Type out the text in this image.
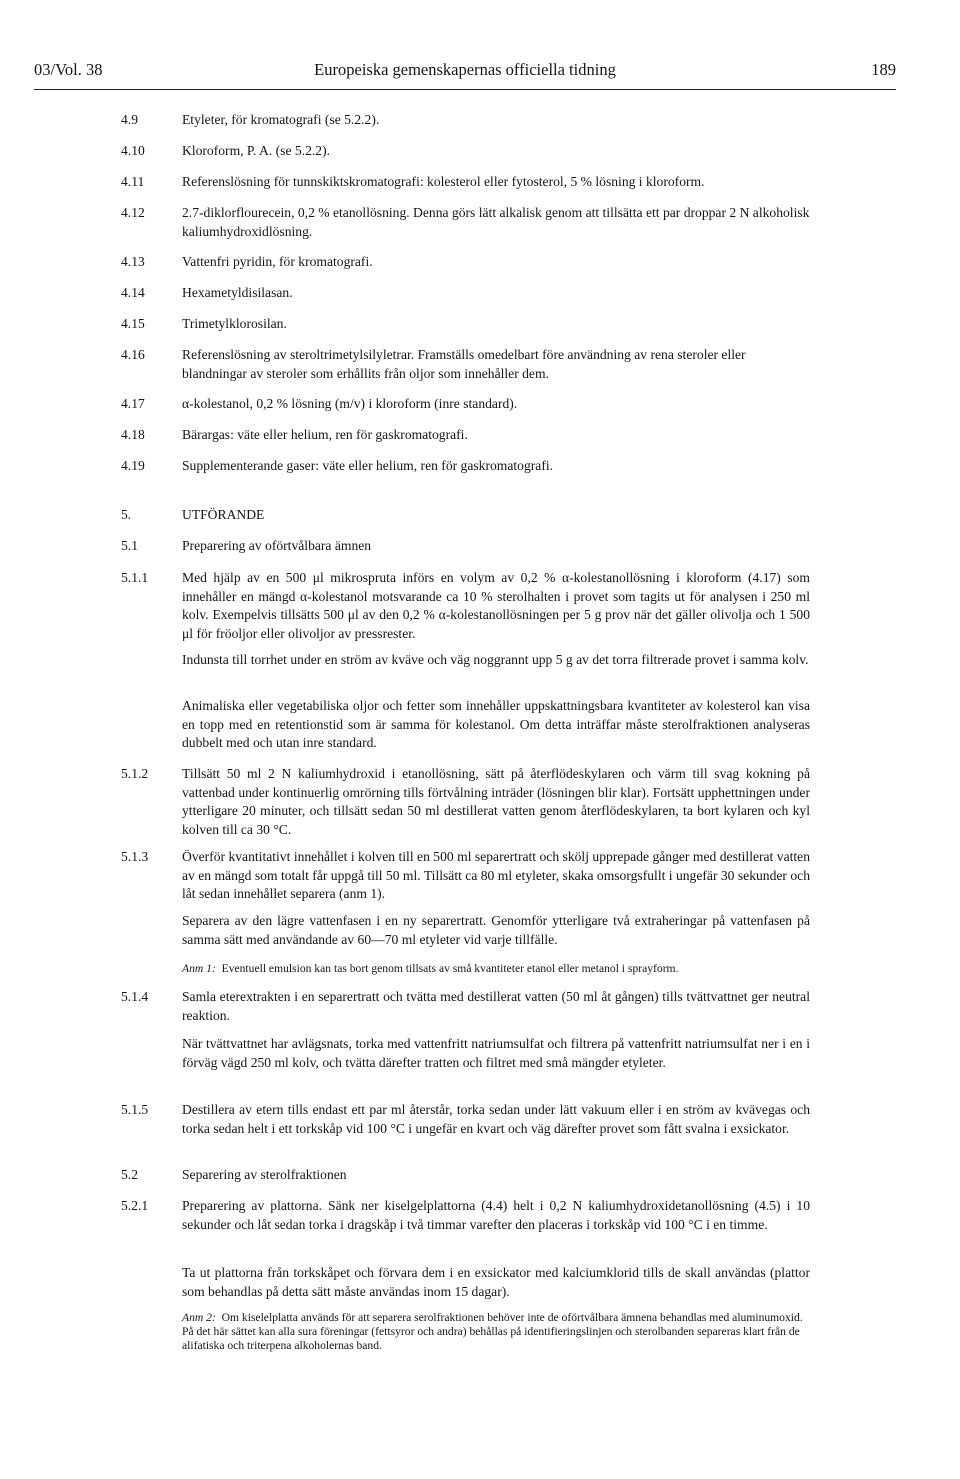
Europeiska gemenskapernas officiella tidning
03/Vol. 38	189
4.9	Etyleter, för kromatografi (se 5.2.2).
4.10	Kloroform, P. A. (se 5.2.2).
4.11	Referenslösning för tunnskiktskromatografi: kolesterol eller fytosterol, 5 % lösning i kloroform.
4.12	2.7-diklorflourecein, 0,2 % etanollösning. Denna görs lätt alkalisk genom att tillsätta ett par droppar 2 N alkoholisk kaliumhydroxidlösning.
4.13	Vattenfri pyridin, för kromatografi.
4.14	Hexametyldisilasan.
4.15	Trimetylklorosilan.
4.16	Referenslösning av steroltrimetylsilyletrar. Framställs omedelbart före användning av rena steroler eller blandningar av steroler som erhållits från oljor som innehåller dem.
4.17	α-kolestanol, 0,2 % lösning (m/v) i kloroform (inre standard).
4.18	Bärargas: väte eller helium, ren för gaskromatografi.
4.19	Supplementerande gaser: väte eller helium, ren för gaskromatografi.
5.	UTFÖRANDE
5.1	Preparering av oförtvålbara ämnen
5.1.1 Med hjälp av en 500 μl mikrospruta införs en volym av 0,2 % α-kolestanollösning i kloroform (4.17) som innehåller en mängd α-kolestanol motsvarande ca 10 % sterolhalten i provet som tagits ut för analysen i 250 ml kolv. Exempelvis tillsätts 500 μl av den 0,2 % α-kolestanollösningen per 5 g prov när det gäller olivolja och 1 500 μl för fröoljor eller olivoljor av pressrester.
Indunsta till torrhet under en ström av kväve och väg noggrannt upp 5 g av det torra filtrerade provet i samma kolv.
Animaliska eller vegetabiliska oljor och fetter som innehåller uppskattningsbara kvantiteter av kolesterol kan visa en topp med en retentionstid som är samma för kolestanol. Om detta inträffar måste sterolfraktionen analyseras dubbelt med och utan inre standard.
5.1.2 Tillsätt 50 ml 2 N kaliumhydroxid i etanollösning, sätt på återflödeskylaren och värm till svag kokning på vattenbad under kontinuerlig omrörning tills förtvålning inträder (lösningen blir klar). Fortsätt upphettningen under ytterligare 20 minuter, och tillsätt sedan 50 ml destillerat vatten genom återflödeskylaren, ta bort kylaren och kyl kolven till ca 30 °C.
5.1.3 Överför kvantitativt innehållet i kolven till en 500 ml separertratt och skölj upprepade gånger med destillerat vatten av en mängd som totalt får uppgå till 50 ml. Tillsätt ca 80 ml etyleter, skaka omsorgsfullt i ungefär 30 sekunder och låt sedan innehållet separera (anm 1).
Separera av den lägre vattenfasen i en ny separertratt. Genomför ytterligare två extraheringar på vattenfasen på samma sätt med användande av 60—70 ml etyleter vid varje tillfälle.
Anm 1: Eventuell emulsion kan tas bort genom tillsats av små kvantiteter etanol eller metanol i sprayform.
5.1.4 Samla eterextrakten i en separertratt och tvätta med destillerat vatten (50 ml åt gången) tills tvättvattnet ger neutral reaktion.
När tvättvattnet har avlägsnats, torka med vattenfritt natriumsulfat och filtrera på vattenfritt natriumsulfat ner i en i förväg vägd 250 ml kolv, och tvätta därefter tratten och filtret med små mängder etyleter.
5.1.5 Destillera av etern tills endast ett par ml återstår, torka sedan under lätt vakuum eller i en ström av kvävegas och torka sedan helt i ett torkskåp vid 100 °C i ungefär en kvart och väg därefter provet som fått svalna i exsickator.
5.2	Separering av sterolfraktionen
5.2.1 Preparering av plattorna. Sänk ner kiselgelplattorna (4.4) helt i 0,2 N kaliumhydroxidetanollösning (4.5) i 10 sekunder och låt sedan torka i dragskåp i två timmar varefter den placeras i torkskåp vid 100 °C i en timme.
Ta ut plattorna från torkskåpet och förvara dem i en exsickator med kalciumklorid tills de skall användas (plattor som behandlas på detta sätt måste användas inom 15 dagar).
Anm 2: Om kiselelplatta används för att separera serolfraktionen behöver inte de oförtvålbara ämnena behandlas med aluminumoxid. På det här sättet kan alla sura föreningar (fettsyror och andra) behållas på identifieringslinjen och sterolbanden separeras klart från de alifatiska och triterpena alkoholernas band.
